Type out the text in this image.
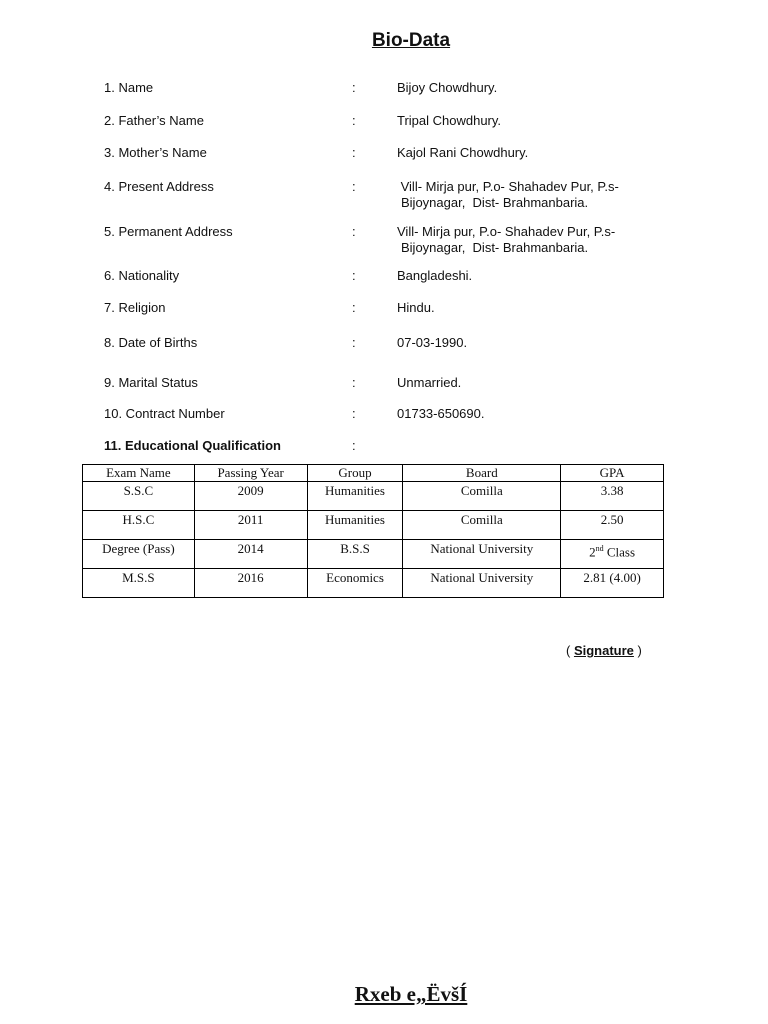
Bio-Data
1. Name	:	Bijoy Chowdhury.
2. Father’s Name	:	Tripal Chowdhury.
3. Mother’s Name	:	Kajol Rani Chowdhury.
4. Present Address	:	Vill- Mirja pur, P.o- Shahadev Pur, P.s-
Bijoynagar,  Dist- Brahmanbaria.
5. Permanent Address	:	Vill- Mirja pur, P.o- Shahadev Pur, P.s-
Bijoynagar,  Dist- Brahmanbaria.
6. Nationality	:	Bangladeshi.
7. Religion	:	Hindu.
8. Date of Births	:	07-03-1990.
9. Marital Status	:	Unmarried.
10. Contract Number	:	01733-650690.
11. Educational Qualification	:
Exam Name	Passing Year	Group	Board	GPA
S.S.C	2009	Humanities	Comilla	3.38
H.S.C	2011	Humanities	Comilla	2.50
Degree (Pass)	2014	B.S.S	National University	2nd Class
M.S.S	2016	Economics	National University	2.81 (4.00)
( Signature )
Rxeb e„ËvšÍ
